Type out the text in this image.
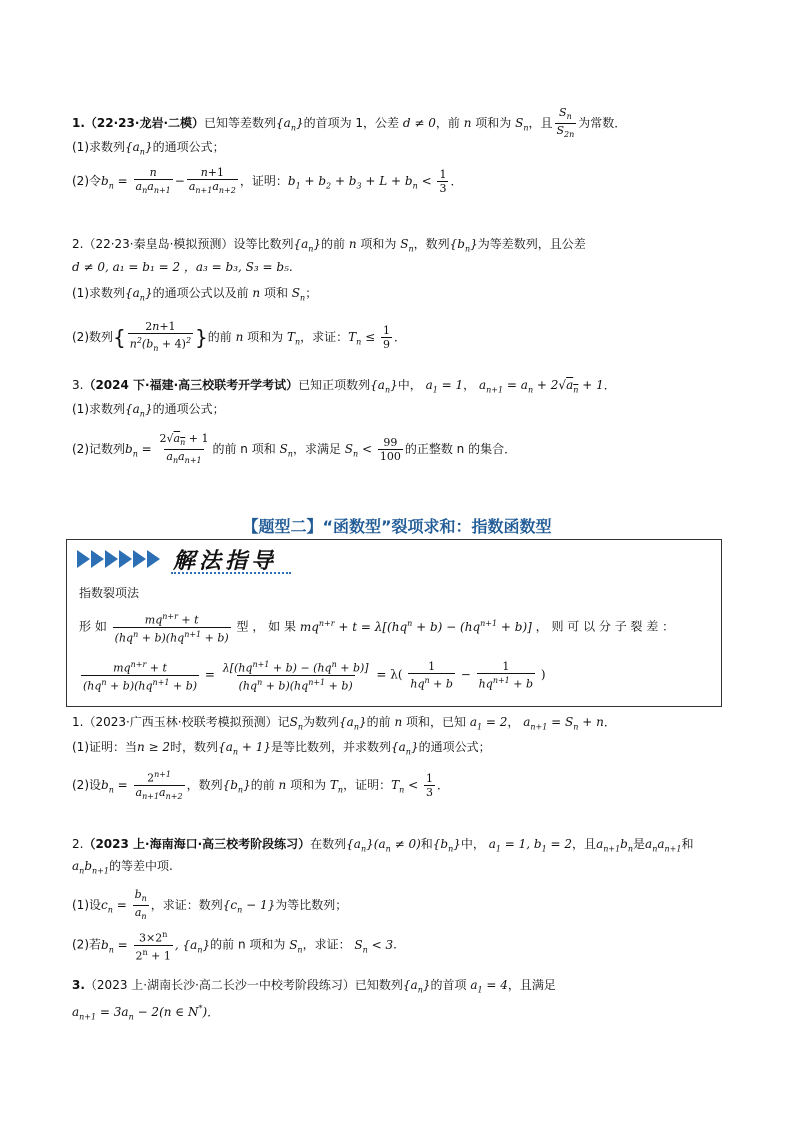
1.（22·23·龙岩·二模）已知等差数列$\{a_n\}$的首项为 1，公差 d ≠ 0，前 n 项和为 $S_n$，且 $\frac{S_n}{S_{2n}}$ 为常数．
(1)求数列$\{a_n\}$的通项公式；
(2)令$b_n = \frac{n}{a_na_{n+1}} - \frac{n+1}{a_{n+1}a_{n+2}}$ ，证明：$b_1 + b_2 + b_3 + L + b_n < \frac{1}{3}$ ．
2.（22·23·秦皇岛·模拟预测）设等比数列$\{a_n\}$的前 n 项和为 $S_n$，数列$\{b_n\}$为等差数列，且公差
d ≠ 0, a₁ = b₁ = 2 ，a₃ = b₃, S₃ = b₅.
(1)求数列$\{a_n\}$的通项公式以及前 n 项和 $S_n$；
(2)数列{ $\frac{2n+1}{n^2(b_n + 4)^2}$ }的前 n 项和为 $T_n$，求证：$T_n \le \frac{1}{9}$ ．
3.（2024 下·福建·高三校联考开学考试）已知正项数列$\{a_n\}$中， $a_1 = 1$， $a_{n+1} = a_n + 2√a_n + 1$．
(1)求数列$\{a_n\}$的通项公式；
(2)记数列$b_n = \frac{2√a_n + 1}{a_na_{n+1}}$ 的前 n 项和 $S_n$，求满足 $S_n < \frac{99}{100}$ 的正整数 n 的集合．
【题型二】“函数型”裂项求和：指数函数型
解法指导
指数裂项法
形 如 $\frac{mq^{n+r} + t}{(hq^n + b)(hq^{n+1} + b)}$ 型 ， 如 果 $mq^{n+r} + t = \lambda[(hq^n + b) - (hq^{n+1} + b)]$ ， 则 可 以 分 子 裂 差 ：
$\frac{mq^{n+r} + t}{(hq^n + b)(hq^{n+1} + b)} = \frac{\lambda[(hq^{n+1} + b) - (hq^n + b)]}{(hq^n + b)(hq^{n+1} + b)} = \lambda( \frac{1}{hq^n + b} - \frac{1}{hq^{n+1} + b}$ )
1.（2023·广西玉林·校联考模拟预测）记$S_n$为数列$\{a_n\}$的前 n 项和，已知 $a_1 = 2$， $a_{n+1} = S_n + n$．
(1)证明：当n ≥ 2时，数列$\{a_n + 1\}$是等比数列，并求数列$\{a_n\}$的通项公式；
(2)设$b_n = \frac{2^{n+1}}{a_{n+1}a_{n+2}}$ ，数列$\{b_n\}$的前 n 项和为 $T_n$，证明：$T_n < \frac{1}{3}$ ．
2.（2023 上·海南海口·高三校考阶段练习）在数列$\{a_n\}(a_n \ne 0)$和$\{b_n\}$中， $a_1 = 1$, $b_1 = 2$，且$a_{n+1}b_n$是$a_na_{n+1}$和
$a_nb_{n+1}$的等差中项.
(1)设$c_n = \frac{b_n}{a_n}$ ，求证：数列$\{c_n - 1\}$为等比数列；
(2)若$b_n = \frac{3\times 2^n}{2^n + 1}$ , $\{a_n\}$的前 n 项和为 $S_n$，求证： $S_n < 3$.
3.（2023 上·湖南长沙·高二长沙一中校考阶段练习）已知数列$\{a_n\}$的首项 $a_1 = 4$，且满足
$a_{n+1} = 3a_n - 2(n$ ∈ N*)．
